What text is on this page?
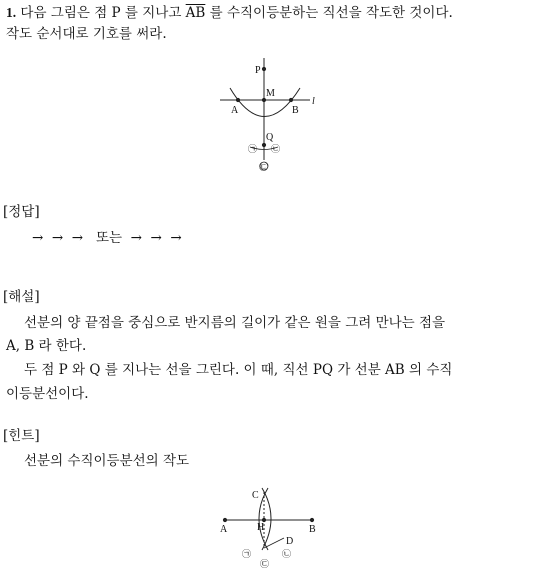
1. 다음 그림은 점 P 를 지나고 $\overline{AB}$ 를 수직이등분하는 직선을 작도한 것이다.
작도 순서대로 기호를 써라.
P
M
l
A	B
Q
㉠ ㉡
㉢
C
A	B
H
D
㉠	㉡
㉢
[정답]
→  →  →   또는  →  →  →
[해설]
선분의 양 끝점을 중심으로 반지름의 길이가 같은 원을 그려 만나는 점을
A, B 라 한다.
두 점 P 와 Q 를 지나는 선을 그린다. 이 때, 직선 PQ 가 선분 AB 의 수직
이등분선이다.
[힌트]
선분의 수직이등분선의 작도
